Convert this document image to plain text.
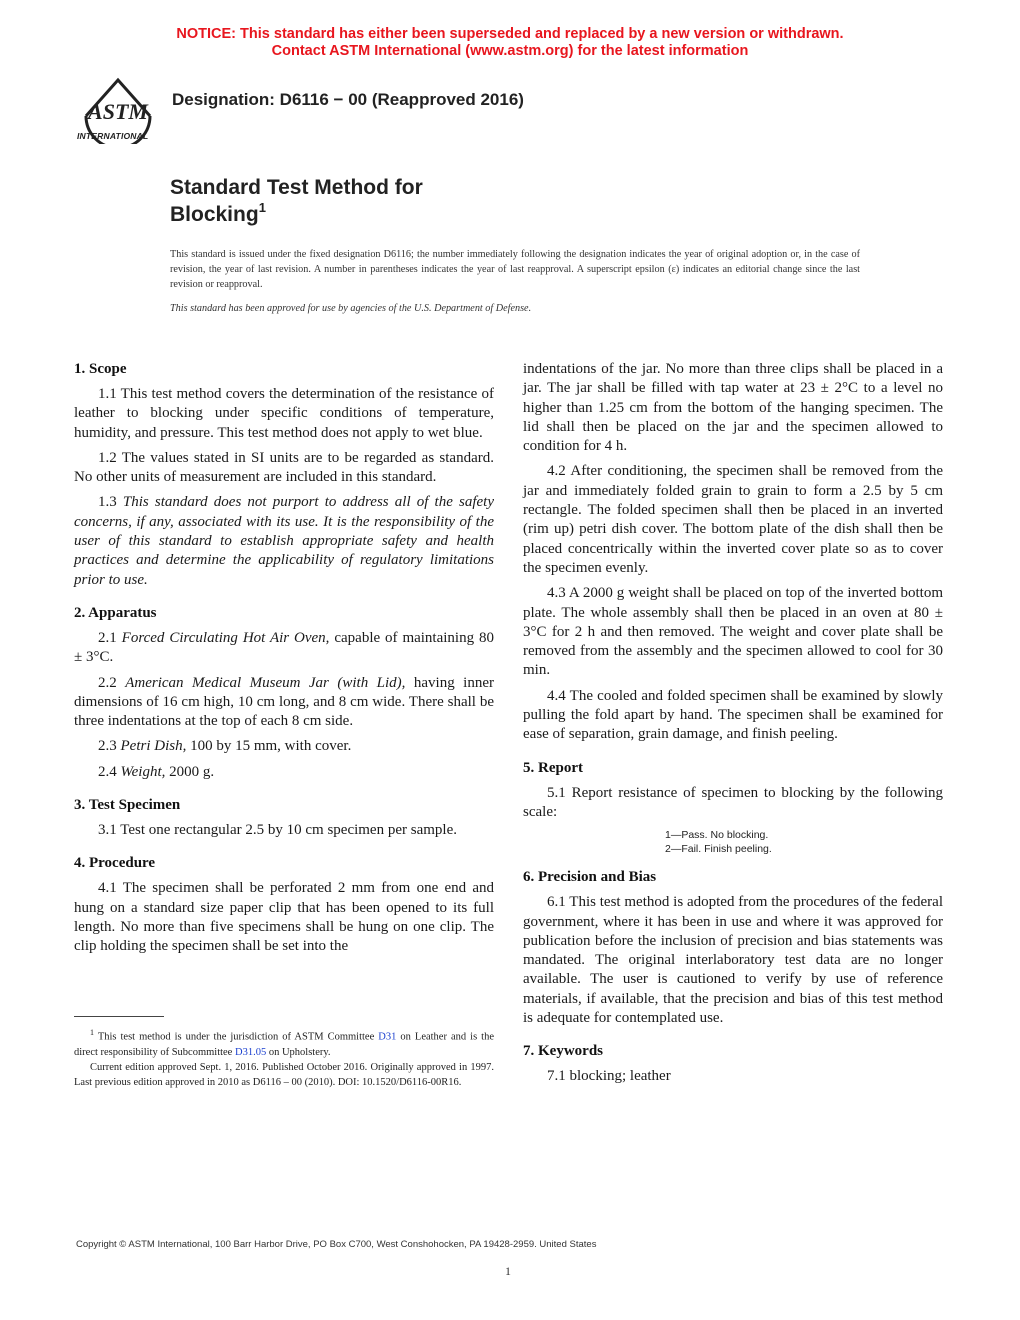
NOTICE: This standard has either been superseded and replaced by a new version or withdrawn.
Contact ASTM International (www.astm.org) for the latest information
ASTM
INTERNATIONAL
Designation: D6116 − 00 (Reapproved 2016)
Standard Test Method for
Blocking$^1$
This standard is issued under the fixed designation D6116; the number immediately following the designation indicates the year of original adoption or, in the case of revision, the year of last revision. A number in parentheses indicates the year of last reapproval. A superscript epsilon (ε) indicates an editorial change since the last revision or reapproval.
This standard has been approved for use by agencies of the U.S. Department of Defense.
1. Scope

1.1 This test method covers the determination of the resistance of leather to blocking under specific conditions of temperature, humidity, and pressure. This test method does not apply to wet blue.

1.2 The values stated in SI units are to be regarded as standard. No other units of measurement are included in this standard.

1.3 This standard does not purport to address all of the safety concerns, if any, associated with its use. It is the responsibility of the user of this standard to establish appropriate safety and health practices and determine the applicability of regulatory limitations prior to use.

2. Apparatus

2.1 Forced Circulating Hot Air Oven, capable of maintaining 80 ± 3°C.

2.2 American Medical Museum Jar (with Lid), having inner dimensions of 16 cm high, 10 cm long, and 8 cm wide. There shall be three indentations at the top of each 8 cm side.

2.3 Petri Dish, 100 by 15 mm, with cover.

2.4 Weight, 2000 g.

3. Test Specimen

3.1 Test one rectangular 2.5 by 10 cm specimen per sample.

4. Procedure

4.1 The specimen shall be perforated 2 mm from one end and hung on a standard size paper clip that has been opened to its full length. No more than five specimens shall be hung on one clip. The clip holding the specimen shall be set into the

indentations of the jar. No more than three clips shall be placed in a jar. The jar shall be filled with tap water at 23 ± 2°C to a level no higher than 1.25 cm from the bottom of the hanging specimen. The lid shall then be placed on the jar and the specimen allowed to condition for 4 h.

4.2 After conditioning, the specimen shall be removed from the jar and immediately folded grain to grain to form a 2.5 by 5 cm rectangle. The folded specimen shall then be placed in an inverted (rim up) petri dish cover. The bottom plate of the dish shall then be placed concentrically within the inverted cover plate so as to cover the specimen evenly.

4.3 A 2000 g weight shall be placed on top of the inverted bottom plate. The whole assembly shall then be placed in an oven at 80 ± 3°C for 2 h and then removed. The weight and cover plate shall be removed from the assembly and the specimen allowed to cool for 30 min.

4.4 The cooled and folded specimen shall be examined by slowly pulling the fold apart by hand. The specimen shall be examined for ease of separation, grain damage, and finish peeling.

5. Report

5.1 Report resistance of specimen to blocking by the following scale:

1—Pass. No blocking.
2—Fail. Finish peeling.
6. Precision and Bias

6.1 This test method is adopted from the procedures of the federal government, where it has been in use and where it was approved for publication before the inclusion of precision and bias statements was mandated. The original interlaboratory test data are no longer available. The user is cautioned to verify by use of reference materials, if available, that the precision and bias of this test method is adequate for contemplated use.

7. Keywords

7.1 blocking; leather

$^1$ This test method is under the jurisdiction of ASTM Committee D31 on Leather and is the direct responsibility of Subcommittee D31.05 on Upholstery.

Current edition approved Sept. 1, 2016. Published October 2016. Originally approved in 1997. Last previous edition approved in 2010 as D6116 – 00 (2010). DOI: 10.1520/D6116-00R16.

Copyright © ASTM International, 100 Barr Harbor Drive, PO Box C700, West Conshohocken, PA 19428-2959. United States
1
